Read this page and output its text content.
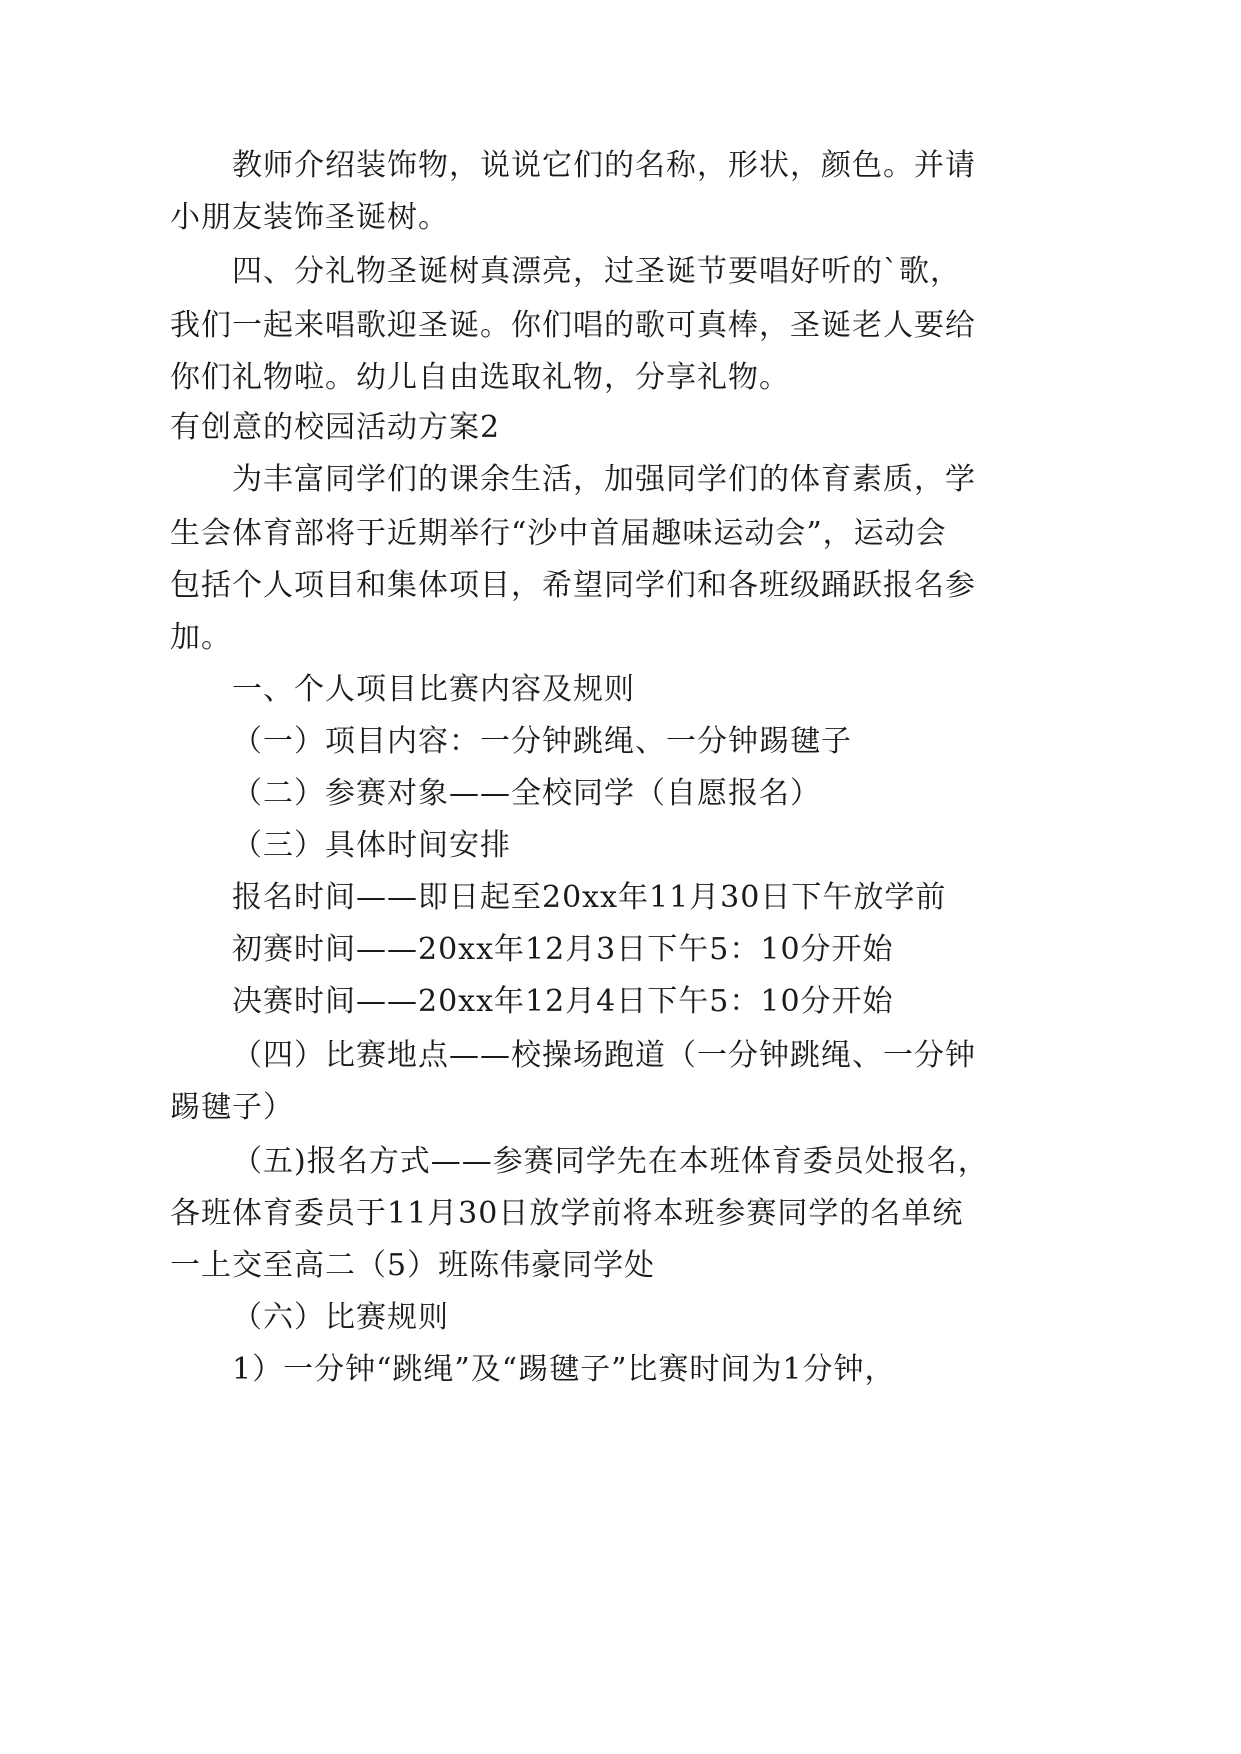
教师介绍装饰物，说说它们的名称，形状，颜色。并请
小朋友装饰圣诞树。
四、分礼物圣诞树真漂亮，过圣诞节要唱好听的`歌，
我们一起来唱歌迎圣诞。你们唱的歌可真棒，圣诞老人要给
你们礼物啦。幼儿自由选取礼物，分享礼物。
有创意的校园活动方案2
为丰富同学们的课余生活，加强同学们的体育素质，学
生会体育部将于近期举行“沙中首届趣味运动会”，运动会
包括个人项目和集体项目，希望同学们和各班级踊跃报名参
加。
一、个人项目比赛内容及规则
（一）项目内容：一分钟跳绳、一分钟踢毽子
（二）参赛对象——全校同学（自愿报名）
（三）具体时间安排
报名时间——即日起至20xx年11月30日下午放学前
初赛时间——20xx年12月3日下午5：10分开始
决赛时间——20xx年12月4日下午5：10分开始
（四）比赛地点——校操场跑道（一分钟跳绳、一分钟
踢毽子）
（五)报名方式——参赛同学先在本班体育委员处报名，
各班体育委员于11月30日放学前将本班参赛同学的名单统
一上交至高二（5）班陈伟豪同学处
（六）比赛规则
1）一分钟“跳绳”及“踢毽子”比赛时间为1分钟，
